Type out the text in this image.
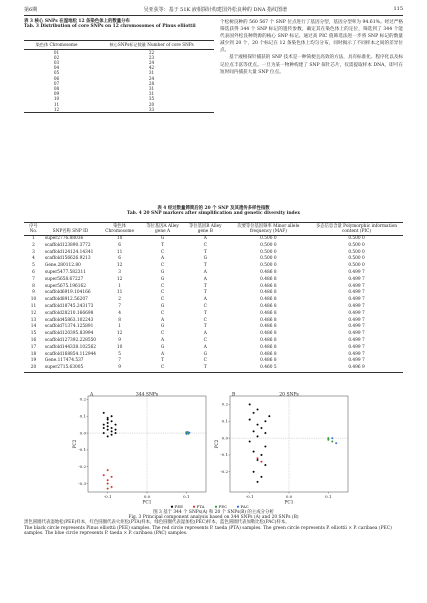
第6期	吴亚获等：基于 51K 液相探针构建国外松良种的 DNA 指纹图谱	115
表 3 核心 SNPs 在湿地松 12 条染色体上的数量分布
Tab. 3 Distribution of core SNPs on 12 chromosomes of Pinus elliottii
染色体 Chromosome	核心SNPs标记数量 Number of core SNPs
01	22
02	23
03	24
04	42
05	31
06	24
07	28
08	31
09	31
10	35
11	20
12	33

个松树良种的 560 567 个 SNP 位点进行了基因分型，基因分型率为 94.61%。经过严格筛选获得 344 个 SNP 标记的遗传参数，确定其在染色体上的定位，筛选到了 344 个能代表国外松良种资源的核心 SNP 标记。通过高 PIC 值筛选法进一步将 SNP 标记的数量减少到 20 个，20 个标记在 12 条染色体上均匀分布，同时揭示了不同样本之间的差异位点。

基于液相探针捕获的 SNP 技术是一种简便且高效的方法，具有标准化、程序化以及标记位点丰富等优点。一旦为某一物种构建了 SNP 探针芯片，仅需提取样本 DNA，即可在短时间内捕获大量 SNP 位点。

表 4 经过数量筛简后的 20 个 SNP 及其遗传多样性指数
Tab. 4 20 SNP markers after simplification and genetic diversity index
序号 No.	SNP名称 SNP ID	染色体 Chromosome	等位基因A Alley gene A	等位基因B Alley gene B	次要等位基因频率 Minor allele frequency (MAF)	多态信息含量 Polymorphic information content (PIC)
1	super2776.88036	10	G	A	0.500 0	0.500 0
2	scaffold123890.3772	6	T	C	0.500 0	0.500 0
3	scaffold124124.14341	11	C	T	0.500 0	0.500 0
4	scaffold156626.9213	6	A	G	0.500 0	0.500 0
5	Gene.280112.80	12	C	T	0.500 0	0.500 0
6	super5477.582311	3	G	A	0.486 8	0.499 7
7	super5658.67227	12	G	A	0.486 8	0.499 7
8	super5675.196162	1	C	T	0.486 8	0.499 7
9	scaffold6919.104166	11	C	T	0.486 8	0.499 7
10	scaffold8912.56207	2	C	A	0.486 8	0.499 7
11	scaffold18745.243173	7	G	C	0.486 8	0.499 7
12	scaffold28210.166698	4	C	T	0.486 8	0.499 7
13	scaffold45863.102243	8	A	C	0.486 8	0.499 7
14	scaffold71374.125891	1	G	T	0.486 8	0.499 7
15	scaffold120395.83994	12	C	A	0.486 8	0.499 7
16	scaffold127392.228550	9	A	C	0.486 8	0.499 7
17	scaffold144338.102562	10	G	A	0.486 8	0.499 7
18	scaffold168854.112944	5	A	G	0.486 8	0.499 7
19	Gene.117474.537	7	T	C	0.486 8	0.499 7
20	super2715.63005	9	C	T	0.460 5	0.496 9
A	344 SNPs
-0.1	0.0	0.1
-0.3
-0.2
-0.1
0.0
0.1
0.2
PC1
PC2
B	20 SNPs
-0.1	0.0	0.1
-0.2
-0.1
0.0
0.1
0.2
PC1
PC2
PEE	PTA	PEC	PAC
图 3 基于 344 个 SNPs(A) 和 20 个 SNPs(B) 的主成分分析
Fig. 3 Principal component analysis based on 344 SNPs (A) and 20 SNPs (B)
黑色圆圈代表湿地松(PEE)样本，红色圆圈代表火炬松(PTA)样本，绿色圆圈代表湿加松(PEC)样本，蓝色圆圈代表加勒比松(PAC)样本。
The black circle represents Pinus elliottii (PEE) samples. The red circle represents P. taeda (PTA) samples. The green circle represents P. elliottii × P. caribaea (PEC) samples. The blue circle represents P. taeda × P. caribaea (PAC) samples.
